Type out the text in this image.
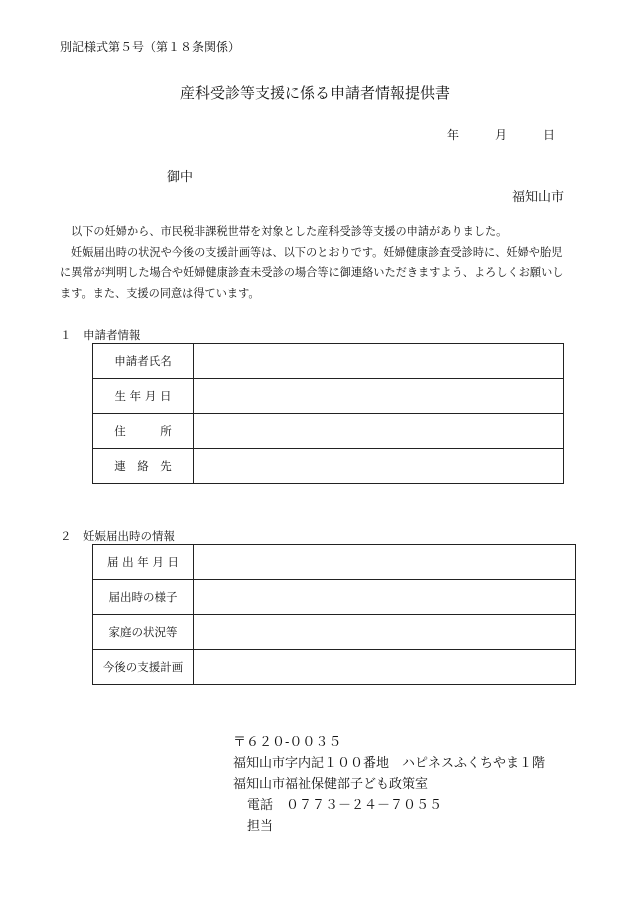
別記様式第５号（第１８条関係）
産科受診等支援に係る申請者情報提供書
年	月	日
御中
福知山市

以下の妊婦から、市民税非課税世帯を対象とした産科受診等支援の申請がありました。

妊娠届出時の状況や今後の支援計画等は、以下のとおりです。妊婦健康診査受診時に、妊婦や胎児に異常が判明した場合や妊婦健康診査未受診の場合等に御連絡いただきますよう、よろしくお願いします。また、支援の同意は得ています。

１　申請者情報
申請者氏名	
生 年 月 日	
住　　　所	
連　絡　先	
２　妊娠届出時の情報
届 出 年 月 日	
届出時の様子	
家庭の状況等	
今後の支援計画	
〒６２０-００３５
福知山市字内記１００番地　ハピネスふくちやま１階
福知山市福祉保健部子ども政策室
電話　０７７３－２４－７０５５
担当
